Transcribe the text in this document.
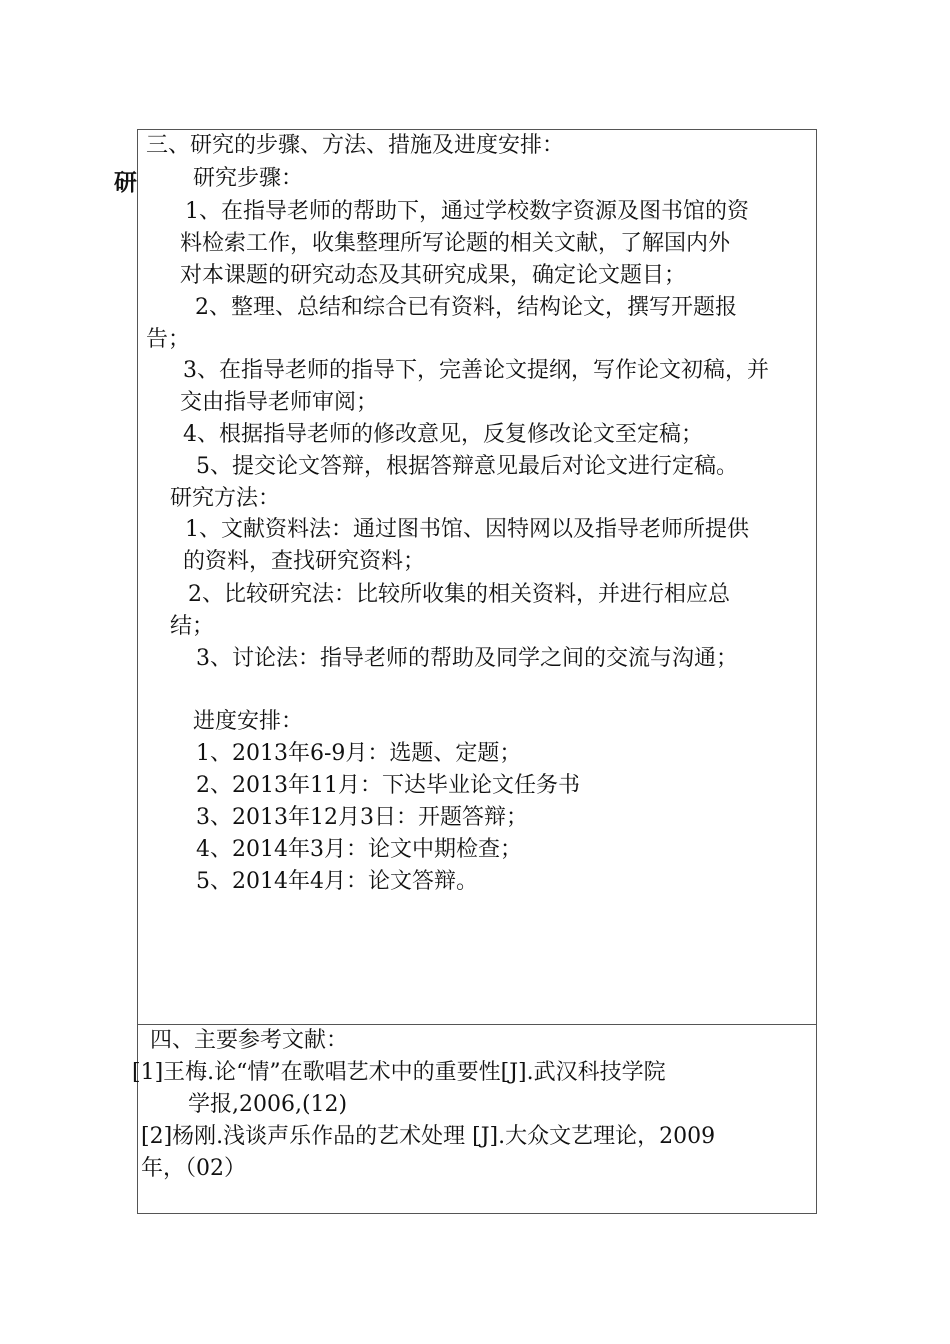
研
三、研究的步骤、方法、措施及进度安排：
研究步骤：
1、在指导老师的帮助下，通过学校数字资源及图书馆的资
料检索工作，收集整理所写论题的相关文献，了解国内外
对本课题的研究动态及其研究成果，确定论文题目；
2、整理、总结和综合已有资料，结构论文，撰写开题报
告；
3、在指导老师的指导下，完善论文提纲，写作论文初稿，并
交由指导老师审阅；
4、根据指导老师的修改意见，反复修改论文至定稿；
5、提交论文答辩，根据答辩意见最后对论文进行定稿。
研究方法：
1、文献资料法：通过图书馆、因特网以及指导老师所提供
的资料，查找研究资料；
2、比较研究法：比较所收集的相关资料，并进行相应总
结；
3、讨论法：指导老师的帮助及同学之间的交流与沟通；
进度安排：
1、2013年6-9月：选题、定题；
2、2013年11月：下达毕业论文任务书
3、2013年12月3日：开题答辩；
4、2014年3月：论文中期检查；
5、2014年4月：论文答辩。
四、主要参考文献：
[1]王梅.论“情”在歌唱艺术中的重要性[J].武汉科技学院
学报,2006,(12)
[2]杨刚.浅谈声乐作品的艺术处理 [J].大众文艺理论，2009
年，（02）
